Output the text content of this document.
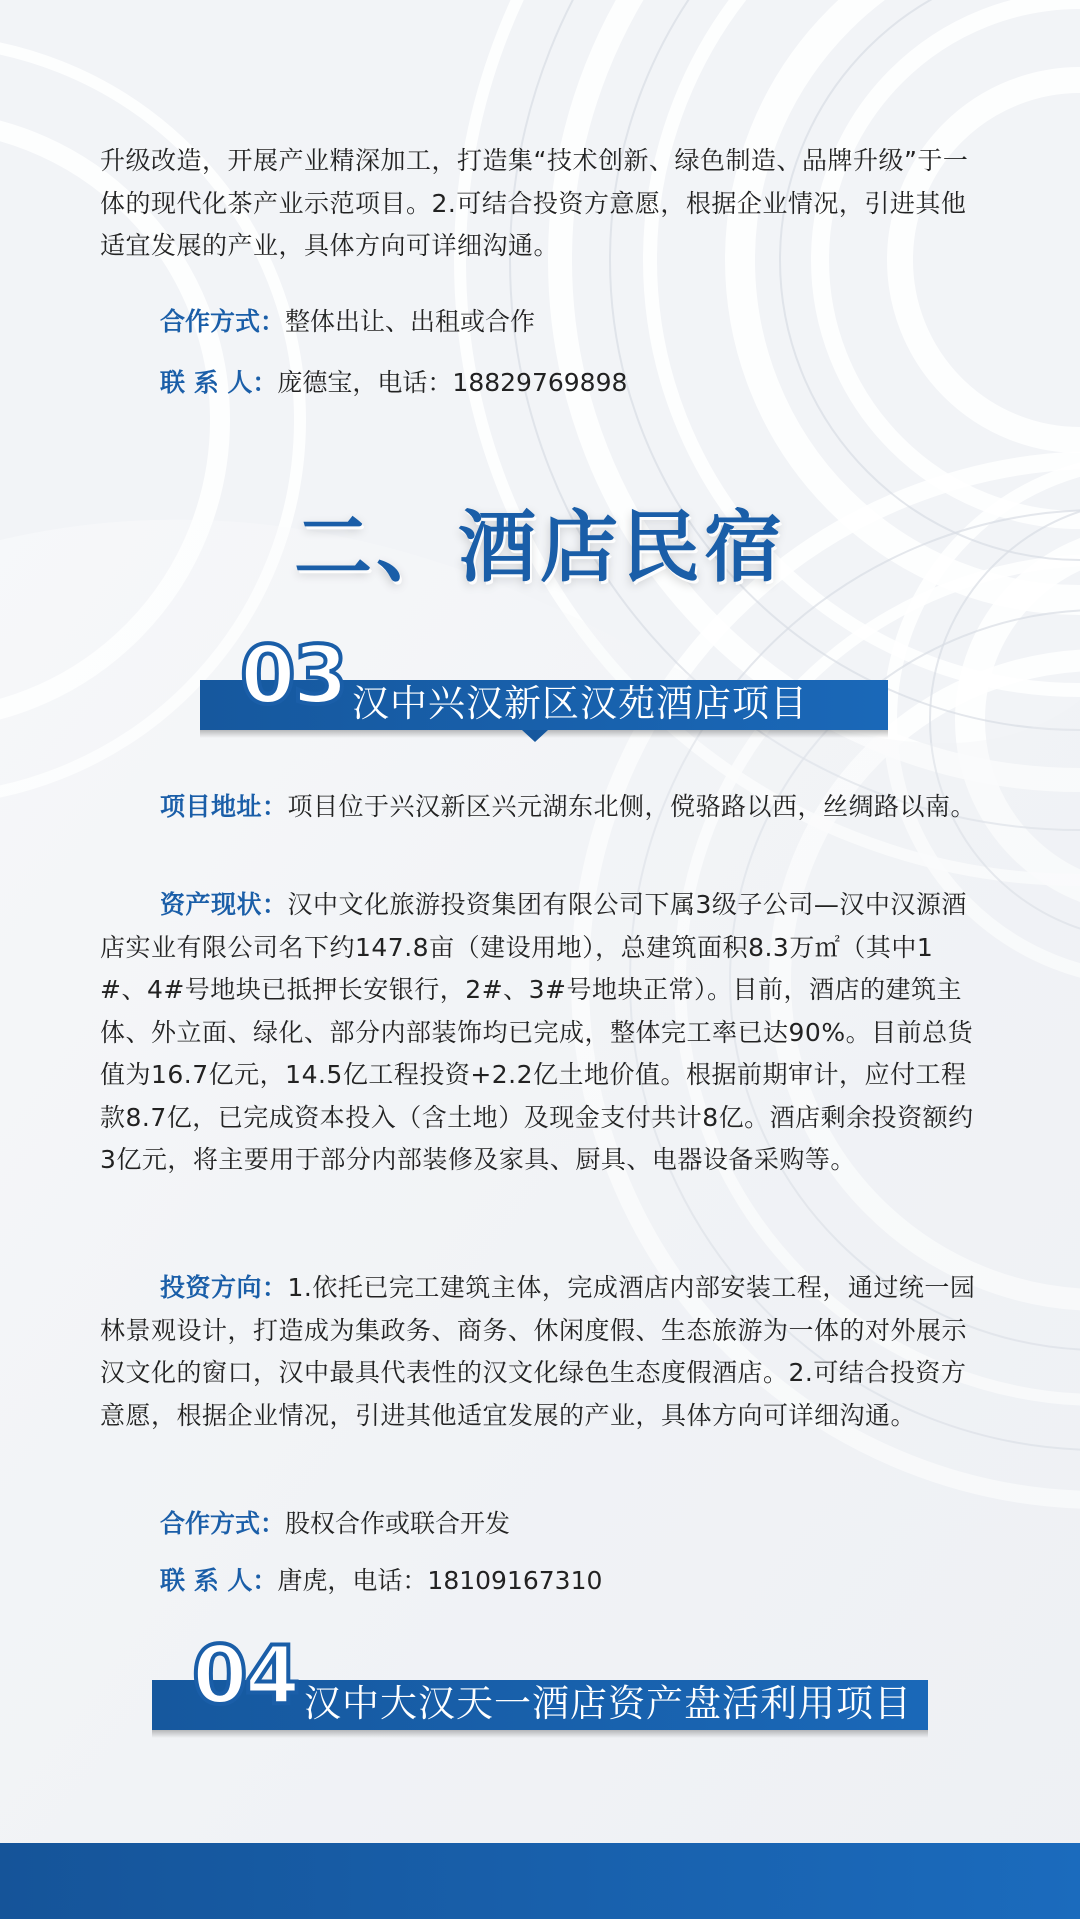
升级改造，开展产业精深加工，打造集“技术创新、绿色制造、品牌升级”于一体的现代化茶产业示范项目。2.可结合投资方意愿，根据企业情况，引进其他适宜发展的产业，具体方向可详细沟通。

合作方式：整体出让、出租或合作

联 系 人：庞德宝，电话：18829769898

二、酒店民宿
03 汉中兴汉新区汉苑酒店项目

项目地址：项目位于兴汉新区兴元湖东北侧，傥骆路以西，丝绸路以南。

资产现状：汉中文化旅游投资集团有限公司下属3级子公司—汉中汉源酒店实业有限公司名下约147.8亩（建设用地），总建筑面积8.3万㎡（其中1 #、4#号地块已抵押长安银行，2#、3#号地块正常）。目前，酒店的建筑主体、外立面、绿化、部分内部装饰均已完成，整体完工率已达90%。目前总货值为16.7亿元，14.5亿工程投资+2.2亿土地价值。根据前期审计，应付工程款8.7亿，已完成资本投入（含土地）及现金支付共计8亿。酒店剩余投资额约3亿元，将主要用于部分内部装修及家具、厨具、电器设备采购等。

投资方向：1.依托已完工建筑主体，完成酒店内部安装工程，通过统一园林景观设计，打造成为集政务、商务、休闲度假、生态旅游为一体的对外展示汉文化的窗口，汉中最具代表性的汉文化绿色生态度假酒店。2.可结合投资方意愿，根据企业情况，引进其他适宜发展的产业，具体方向可详细沟通。

合作方式：股权合作或联合开发

联 系 人：唐虎，电话：18109167310

04 汉中大汉天一酒店资产盘活利用项目
